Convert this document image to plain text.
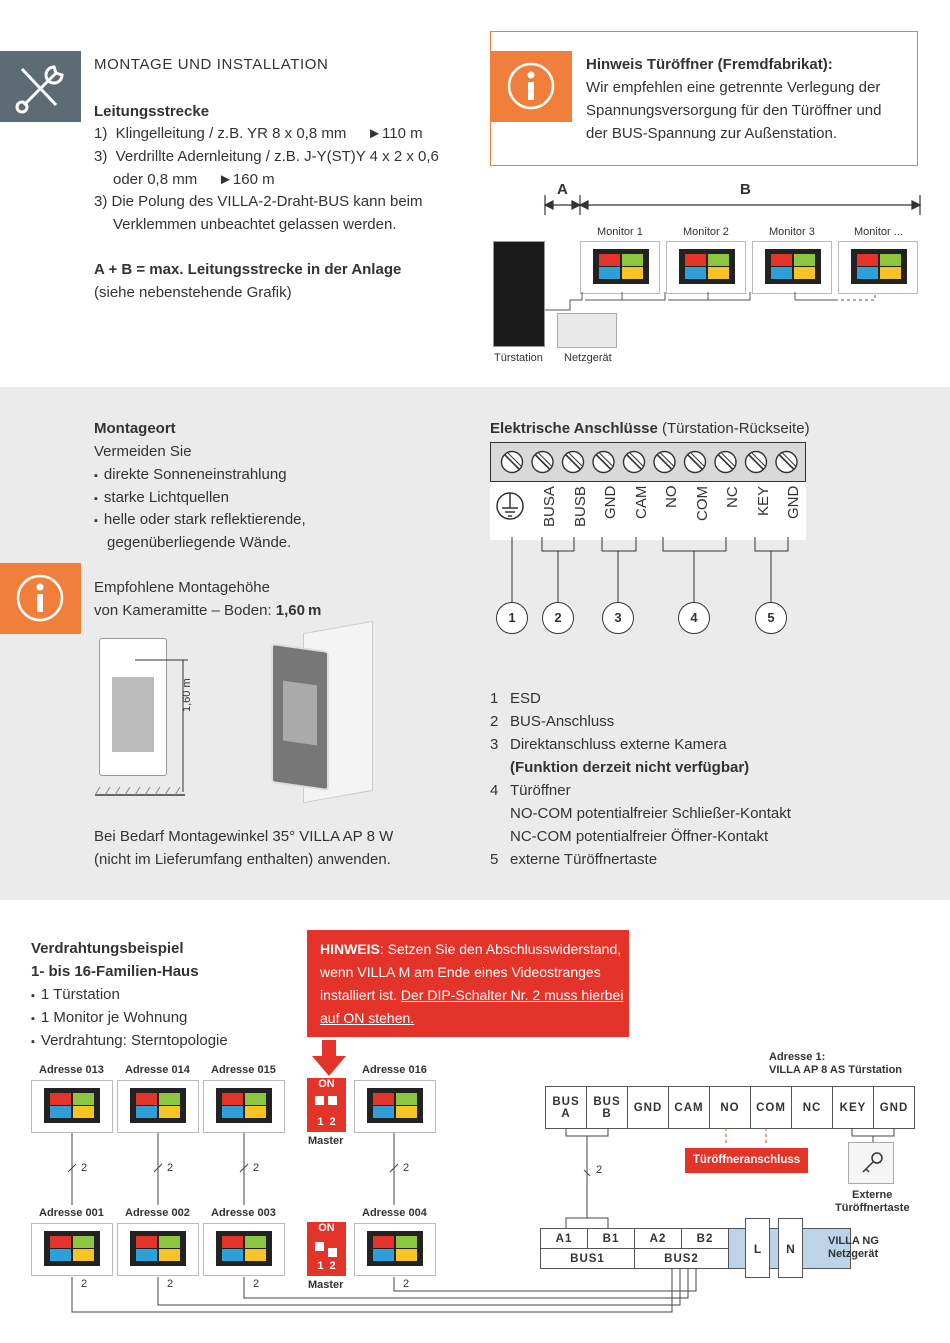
MONTAGE UND INSTALLATION
Leitungsstrecke
1)  Klingelleitung / z.B. YR 8 x 0,8 mm     ►110 m
3)  Verdrillte Adernleitung / z.B. J-Y(ST)Y 4 x 2 x 0,6
oder 0,8 mm     ►160 m
3) Die Polung des VILLA-2-Draht-BUS kann beim
Verklemmen unbeachtet gelassen werden.
A + B = max. Leitungsstrecke in der Anlage
(siehe nebenstehende Grafik)
Hinweis Türöffner (Fremdfabrikat):
Wir empfehlen eine getrennte Verlegung der
Spannungsversorgung für den Türöffner und
der BUS-Spannung zur Außenstation.
A	B
Monitor 1	Monitor 2	Monitor 3	Monitor ...
Türstation Netzgerät
Montageort
Vermeiden Sie
▪ direkte Sonneneinstrahlung
▪ starke Lichtquellen
▪ helle oder stark reflektierende,
gegenüberliegende Wände.
Empfohlene Montagehöhe
von Kameramitte – Boden: 1,60 m
1,60 m
Bei Bedarf Montagewinkel 35° VILLA AP 8 W
(nicht im Lieferumfang enthalten) anwenden.
Elektrische Anschlüsse (Türstation-Rückseite)
BUSA BUSB GND CAM NO COM NC KEY GND
1	2	3	4	5
1 ESD
2 BUS-Anschluss
3 Direktanschluss externe Kamera
(Funktion derzeit nicht verfügbar)
4 Türöffner
NO-COM potentialfreier Schließer-Kontakt
NC-COM potentialfreier Öffner-Kontakt
5 externe Türöffnertaste
Verdrahtungsbeispiel
1- bis 16-Familien-Haus
▪ 1 Türstation
▪ 1 Monitor je Wohnung
▪ Verdrahtung: Sterntopologie
HINWEIS: Setzen Sie den Abschlusswiderstand,
wenn VILLA M am Ende eines Videostranges
installiert ist. Der DIP-Schalter Nr. 2 muss hierbei
auf ON stehen.
Adresse 013
Adresse 001
Adresse 014
Adresse 002
Adresse 015
Adresse 003
Adresse 016
Adresse 004
ON
1  2
Master
ON
1  2
Master
Adresse 1:
VILLA AP 8 AS Türstation
BUS
A	BUS
B	GND	CAM	NO	COM	NC	KEY	GND
Türöffneranschluss
Externe
Türöffnertaste
A1	B1	A2	B2	
BUS1		BUS2		
L	N
VILLA NG
Netzgerät
2	2	2	2	2
2	2	2	2
